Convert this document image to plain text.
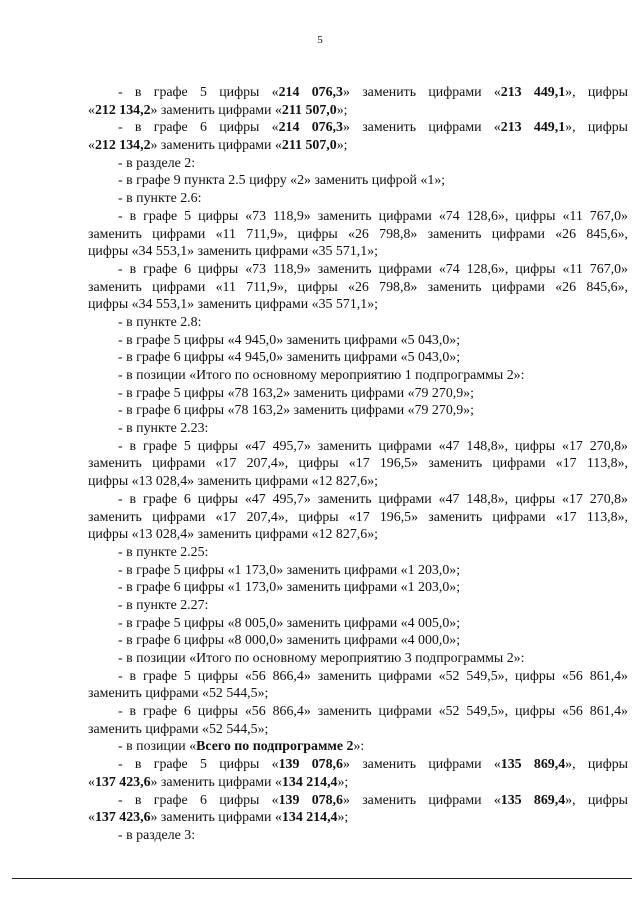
5
- в графе 5 цифры «214 076,3» заменить цифрами «213 449,1», цифры
«212 134,2» заменить цифрами «211 507,0»;
- в графе 6 цифры «214 076,3» заменить цифрами «213 449,1», цифры
«212 134,2» заменить цифрами «211 507,0»;
- в разделе 2:
- в графе 9 пункта 2.5 цифру «2» заменить цифрой «1»;
- в пункте 2.6:
- в графе 5 цифры «73 118,9» заменить цифрами «74 128,6», цифры «11 767,0»
заменить цифрами «11 711,9», цифры «26 798,8» заменить цифрами «26 845,6»,
цифры «34 553,1» заменить цифрами «35 571,1»;
- в графе 6 цифры «73 118,9» заменить цифрами «74 128,6», цифры «11 767,0»
заменить цифрами «11 711,9», цифры «26 798,8» заменить цифрами «26 845,6»,
цифры «34 553,1» заменить цифрами «35 571,1»;
- в пункте 2.8:
- в графе 5 цифры «4 945,0» заменить цифрами «5 043,0»;
- в графе 6 цифры «4 945,0» заменить цифрами «5 043,0»;
- в позиции «Итого по основному мероприятию 1 подпрограммы 2»:
- в графе 5 цифры «78 163,2» заменить цифрами «79 270,9»;
- в графе 6 цифры «78 163,2» заменить цифрами «79 270,9»;
- в пункте 2.23:
- в графе 5 цифры «47 495,7» заменить цифрами «47 148,8», цифры «17 270,8»
заменить цифрами «17 207,4», цифры «17 196,5» заменить цифрами «17 113,8»,
цифры «13 028,4» заменить цифрами «12 827,6»;
- в графе 6 цифры «47 495,7» заменить цифрами «47 148,8», цифры «17 270,8»
заменить цифрами «17 207,4», цифры «17 196,5» заменить цифрами «17 113,8»,
цифры «13 028,4» заменить цифрами «12 827,6»;
- в пункте 2.25:
- в графе 5 цифры «1 173,0» заменить цифрами «1 203,0»;
- в графе 6 цифры «1 173,0» заменить цифрами «1 203,0»;
- в пункте 2.27:
- в графе 5 цифры «8 005,0» заменить цифрами «4 005,0»;
- в графе 6 цифры «8 000,0» заменить цифрами «4 000,0»;
- в позиции «Итого по основному мероприятию 3 подпрограммы 2»:
- в графе 5 цифры «56 866,4» заменить цифрами «52 549,5», цифры «56 861,4»
заменить цифрами «52 544,5»;
- в графе 6 цифры «56 866,4» заменить цифрами «52 549,5», цифры «56 861,4»
заменить цифрами «52 544,5»;
- в позиции «Всего по подпрограмме 2»:
- в графе 5 цифры «139 078,6» заменить цифрами «135 869,4», цифры
«137 423,6» заменить цифрами «134 214,4»;
- в графе 6 цифры «139 078,6» заменить цифрами «135 869,4», цифры
«137 423,6» заменить цифрами «134 214,4»;
- в разделе 3:
